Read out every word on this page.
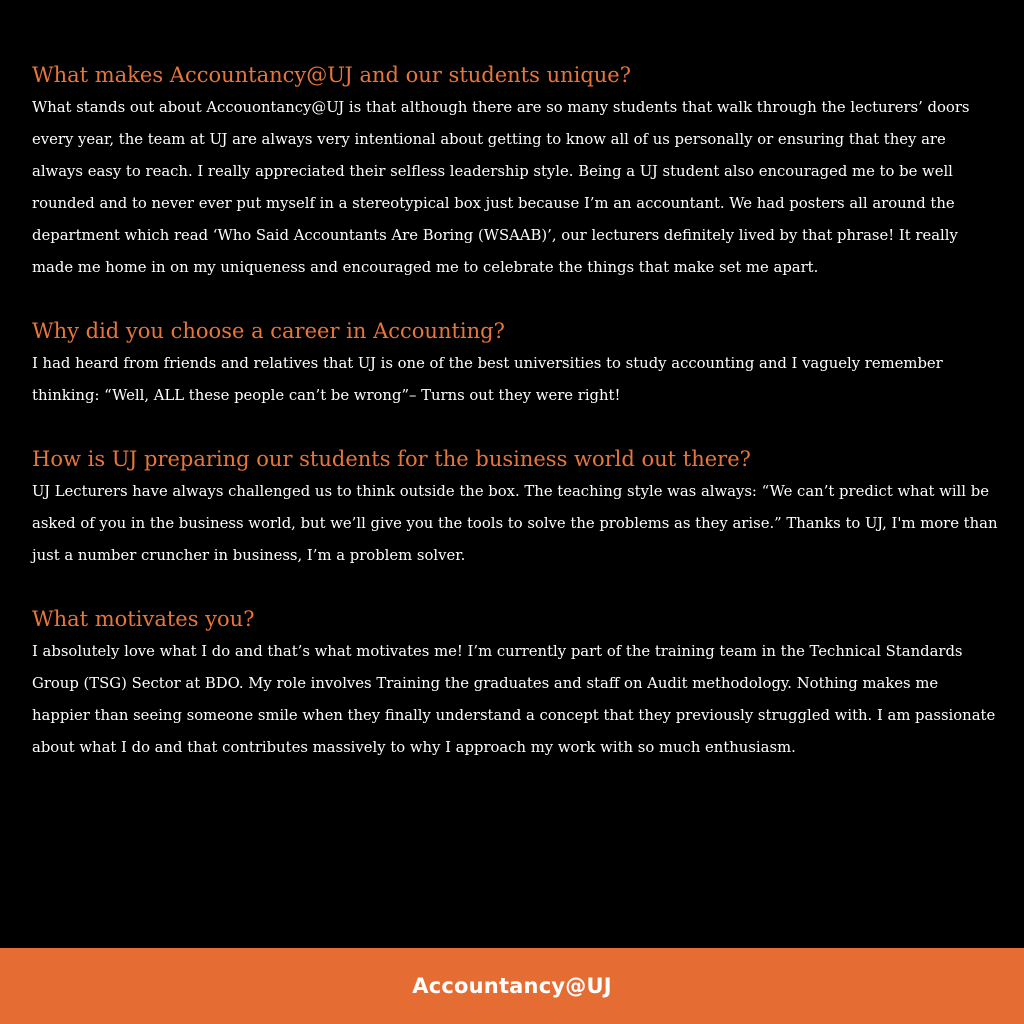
What makes Accountancy@UJ and our students unique?

What stands out about Accouontancy@UJ is that although there are so many students that walk through the lecturers’ doors every year, the team at UJ are always very intentional about getting to know all of us personally or ensuring that they are always easy to reach. I really appreciated their selfless leadership style. Being a UJ student also encouraged me to be well rounded and to never ever put myself in a stereotypical box just because I’m an accountant. We had posters all around the department which read ‘Who Said Accountants Are Boring (WSAAB)’, our lecturers definitely lived by that phrase! It really made me home in on my uniqueness and encouraged me to celebrate the things that make set me apart.

Why did you choose a career in Accounting?

I had heard from friends and relatives that UJ is one of the best universities to study accounting and I vaguely remember thinking: “Well, ALL these people can’t be wrong”– Turns out they were right!

How is UJ preparing our students for the business world out there?

UJ Lecturers have always challenged us to think outside the box. The teaching style was always: “We can’t predict what will be asked of you in the business world, but we’ll give you the tools to solve the problems as they arise.” Thanks to UJ, I'm more than just a number cruncher in business, I’m a problem solver.

What motivates you?

I absolutely love what I do and that’s what motivates me! I’m currently part of the training team in the Technical Standards Group (TSG) Sector at BDO. My role involves Training the graduates and staff on Audit methodology. Nothing makes me happier than seeing someone smile when they finally understand a concept that they previously struggled with. I am passionate about what I do and that contributes massively to why I approach my work with so much enthusiasm.

Accountancy@UJ
